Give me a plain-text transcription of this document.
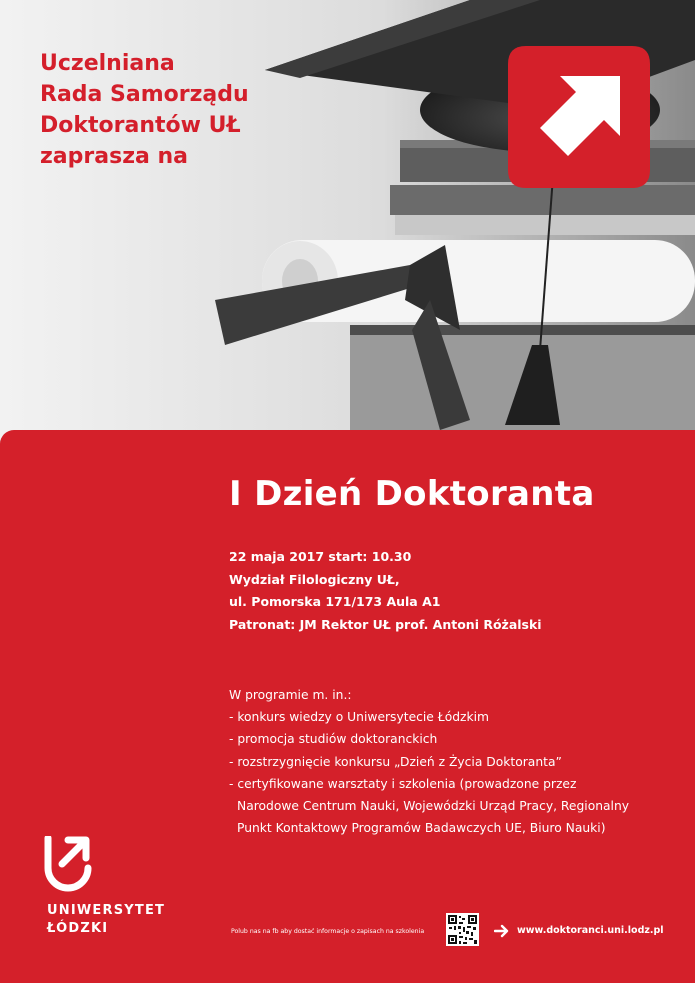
Uczelniana
Rada Samorządu
Doktorantów UŁ
zaprasza na
I Dzień Doktoranta
22 maja 2017 start: 10.30
Wydział Filologiczny UŁ,
ul. Pomorska 171/173 Aula A1
Patronat: JM Rektor UŁ prof. Antoni Różalski
W programie m. in.:
- konkurs wiedzy o Uniwersytecie Łódzkim
- promocja studiów doktoranckich
- rozstrzygnięcie konkursu „Dzień z Życia Doktoranta”
- certyfikowane warsztaty i szkolenia (prowadzone przez
Narodowe Centrum Nauki, Wojewódzki Urząd Pracy, Regionalny
Punkt Kontaktowy Programów Badawczych UE, Biuro Nauki)
UNIWERSYTET
ŁÓDZKI	Polub nas na fb aby dostać informacje o zapisach na szkolenia	www.doktoranci.uni.lodz.pl
